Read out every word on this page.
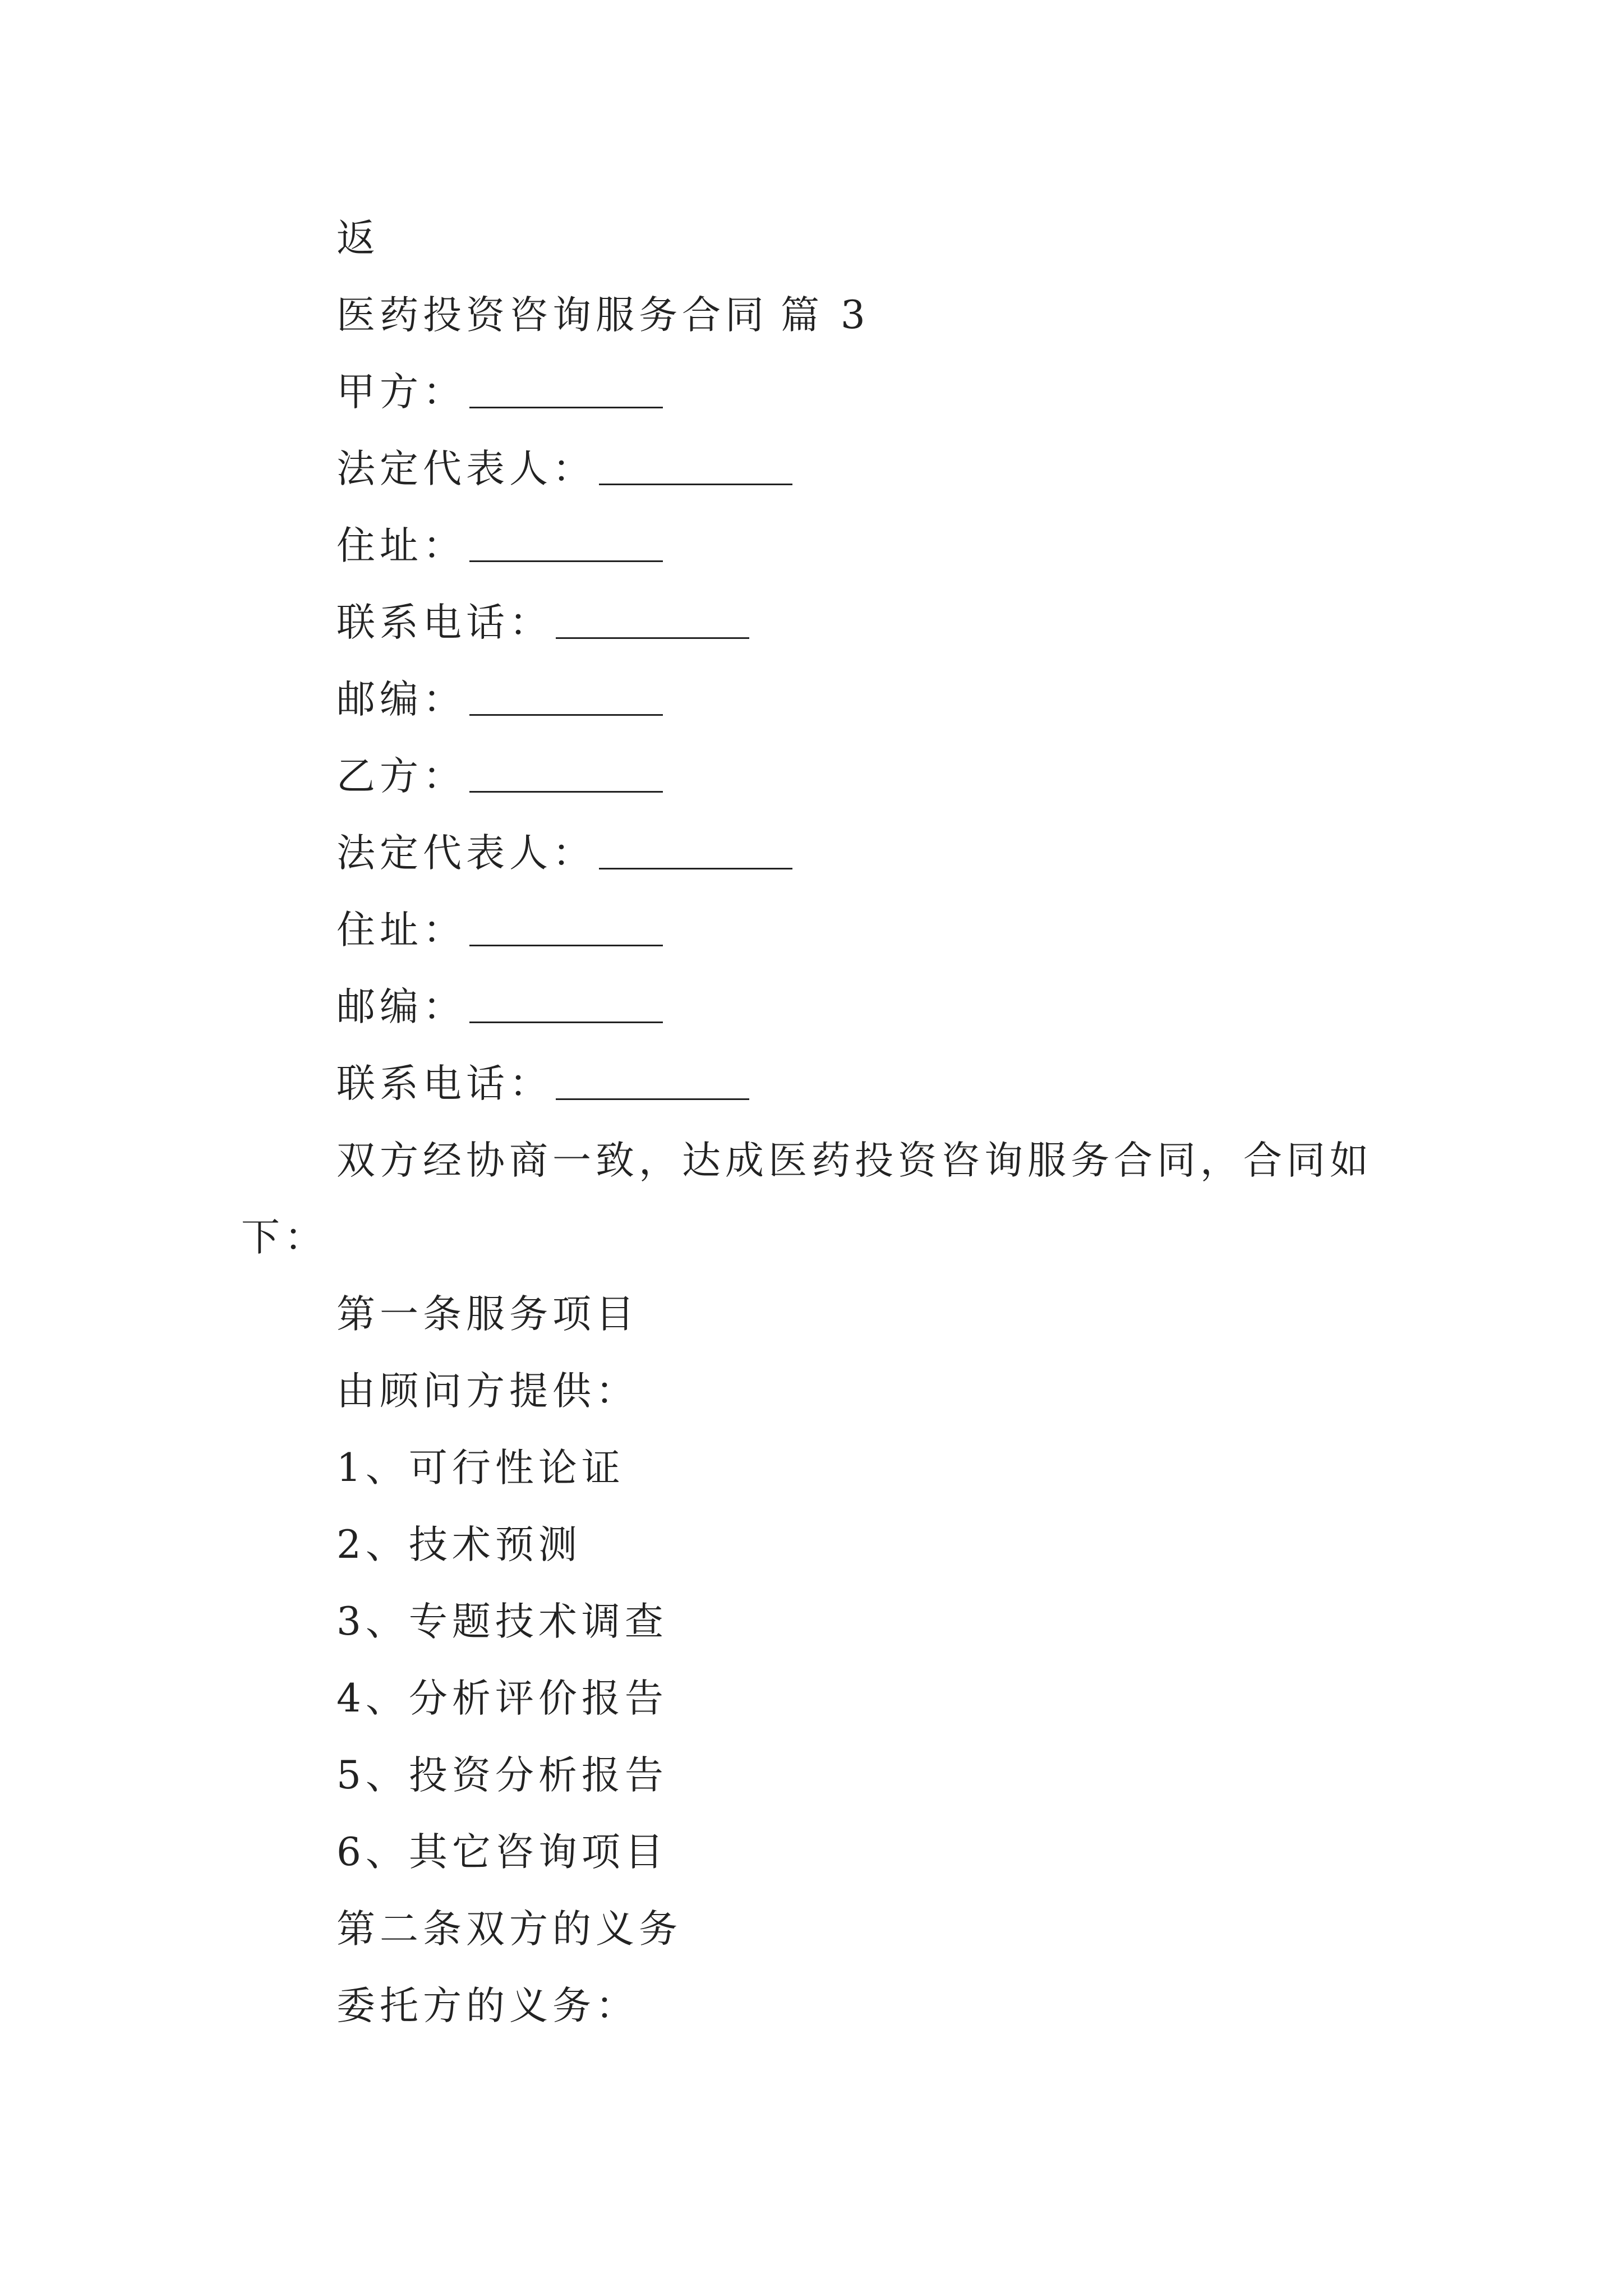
返
医药投资咨询服务合同 篇 3
甲方：
法定代表人：
住址：
联系电话：
邮编：
乙方：
法定代表人：
住址：
邮编：
联系电话：
双方经协商一致，达成医药投资咨询服务合同，合同如
下：
第一条服务项目
由顾问方提供：
1、可行性论证
2、技术预测
3、专题技术调查
4、分析评价报告
5、投资分析报告
6、其它咨询项目
第二条双方的义务
委托方的义务：
